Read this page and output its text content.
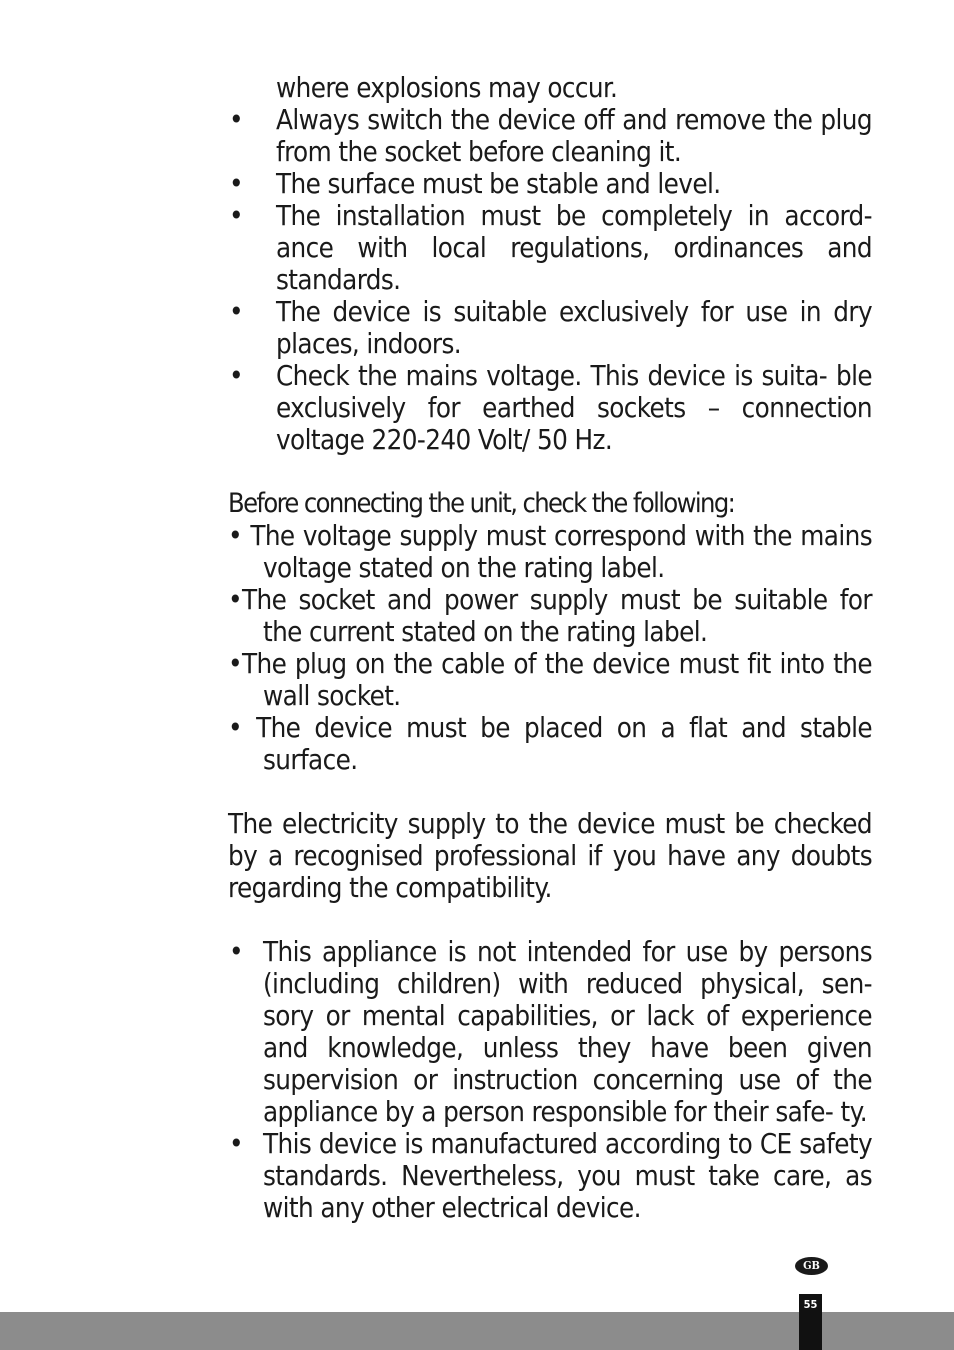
where explosions may occur.
• Always switch the device off and remove the plug from the socket before cleaning it.
• The surface must be stable and level.
• The installation must be completely in accord- ance with local regulations, ordinances and standards.
• The device is suitable exclusively for use in dry places, indoors.
• Check the mains voltage. This device is suita- ble exclusively for earthed sockets – connection voltage 220-240 Volt/ 50 Hz.

Before connecting the unit, check the following:

• The voltage supply must correspond with the mains voltage stated on the rating label.
•The socket and power supply must be suitable for the current stated on the rating label.
•The plug on the cable of the device must fit into the wall socket.
• The device must be placed on a flat and stable surface.

The electricity supply to the device must be checked by a recognised professional if you have any doubts regarding the compatibility.

• This appliance is not intended for use by persons (including children) with reduced physical, sen- sory or mental capabilities, or lack of experience and knowledge, unless they have been given supervision or instruction concerning use of the appliance by a person responsible for their safe- ty.
• This device is manufactured according to CE safety standards. Nevertheless, you must take care, as with any other electrical device.
GB
55
